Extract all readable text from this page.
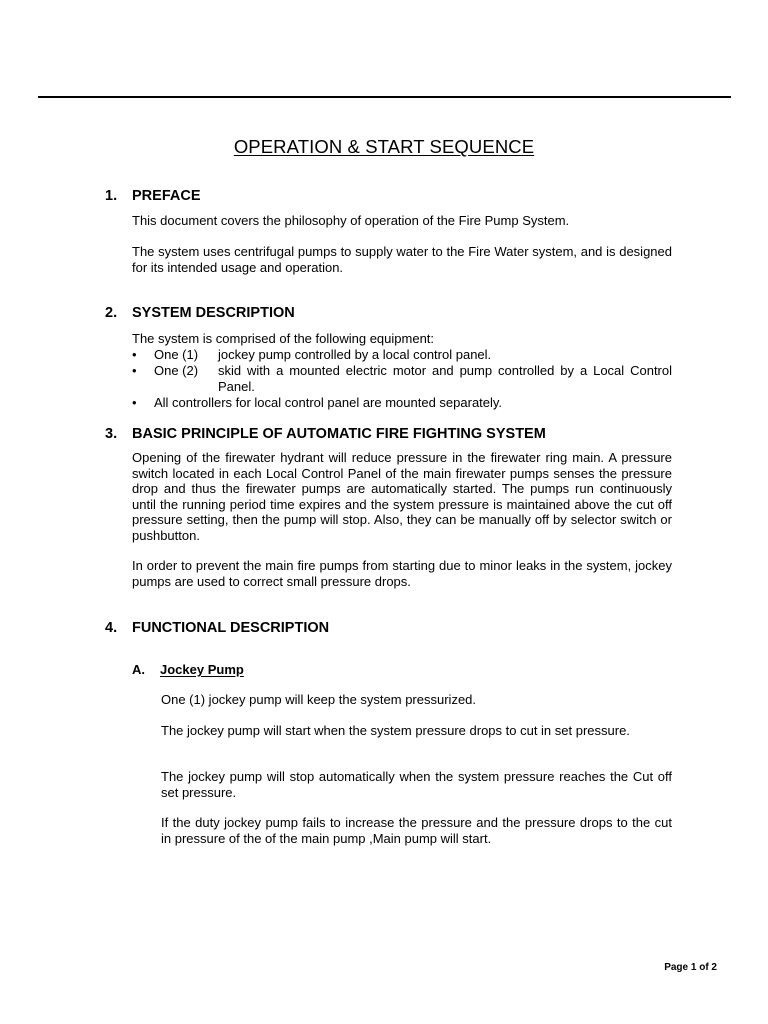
OPERATION & START SEQUENCE
1. PREFACE

This document covers the philosophy of operation of the Fire Pump System.

The system uses centrifugal pumps to supply water to the Fire Water system, and is designed for its intended usage and operation.

2. SYSTEM DESCRIPTION

The system is comprised of the following equipment:

•	One (1)	jockey pump controlled by a local control panel.
•	One (2)	skid with a mounted electric motor and pump controlled by a Local Control Panel.
•	All controllers for local control panel are mounted separately.
3. BASIC PRINCIPLE OF AUTOMATIC FIRE FIGHTING SYSTEM

Opening of the firewater hydrant will reduce pressure in the firewater ring main. A pressure switch located in each Local Control Panel of the main firewater pumps senses the pressure drop and thus the firewater pumps are automatically started. The pumps run continuously until the running period time expires and the system pressure is maintained above the cut off pressure setting, then the pump will stop. Also, they can be manually off by selector switch or pushbutton.

In order to prevent the main fire pumps from starting due to minor leaks in the system, jockey pumps are used to correct small pressure drops.

4. FUNCTIONAL DESCRIPTION
A. Jockey Pump

One (1) jockey pump will keep the system pressurized.

The jockey pump will start when the system pressure drops to cut in set pressure.

The jockey pump will stop automatically when the system pressure reaches the Cut off set pressure.

If the duty jockey pump fails to increase the pressure and the pressure drops to the cut in pressure of the of the main pump ,Main pump will start.

Page 1 of 2
